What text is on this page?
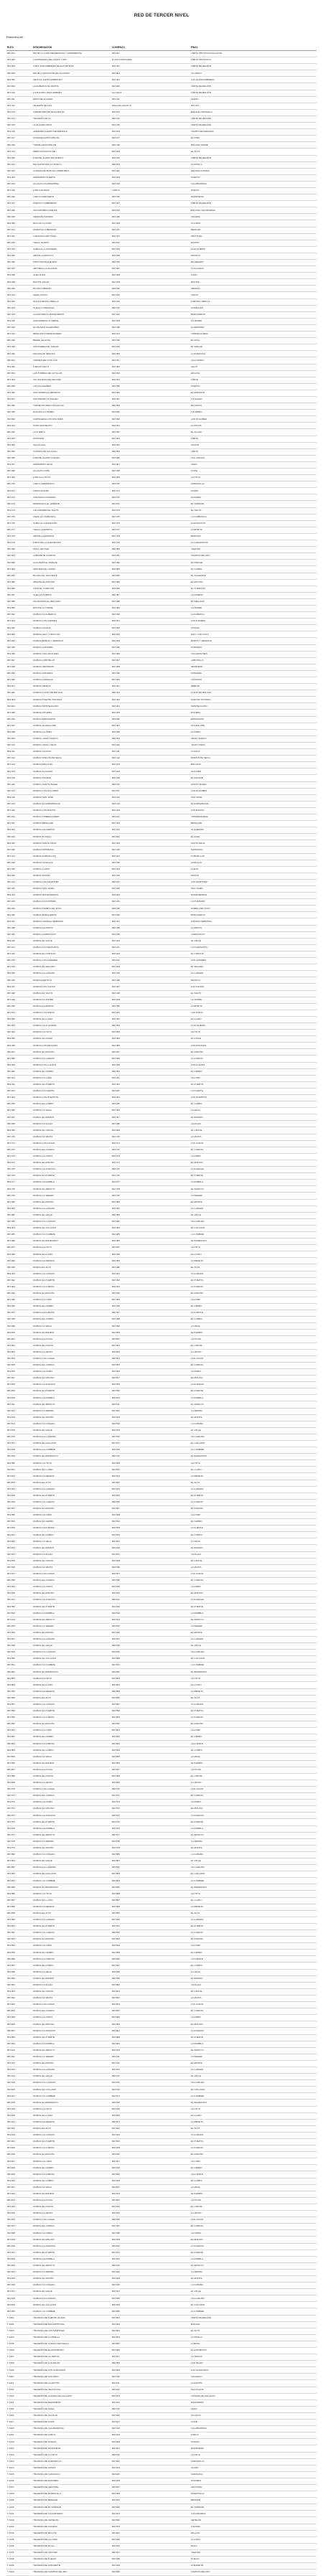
RED DE TERCER NIVEL
Resumen/Lem
RUTA	DENOMINACIÓN	COMIENZO	FINAL
RM-301	RM-301 A-1 (DE RESIDENCIAS Y MARINEROS)	RM-301	LÍMITE PROVINCIA ALICANTE
RM-302	LA ROMÁNICA DE CAÑAS Y RÍO	N-332 CARTAGENA	LÍMITE PROVINCIA
RM-303	CTRA. ESCOMBRERA BAJA PORTMÁN	RM-301	LÍMITE DE REGIÓN
RM-304	RM-304 A ESTACIÓN DE LA UNIÓN	RM-304	LA UNIÓN
RM-305	VECILLA SANTA AMBROSIO	RM-301	CALLE ESCOMBRERA
RM-306	LA ALBERCA DE ZAPATA	RM-306	LÍMITE DE REGIÓN
RM-310	LA ZUCAZA CRUZ AMBRÉS	LA CELIA	LÍMITE DE REGIÓN
RM-311	ERAS DE AGUADO	RM-311	ALEDO
RM-312	LEVANTE DE SUS	ENLACE CASAS D.	RM-313
RM-313	CARRETERA DE MULA BALSA	RM-313	ENLACE CARAVACA
RM-314	TRAVESÍA DE LA	RM-314	LÍMITE DE REGIÓN
RM-315	LA ZUCAZA CRUZ	RM-315	LÍMITE DE REGIÓN
RM-316	ANDÉRMA CAMPO DE MIRANDA	RM-316	CAMPO DE MIRANDA
RM-317	SOLEDAD ESTACIÓN DE	RM-317	EL PINO
RM-318	TORRE ESTACIÓN DE	RM-318	ENLACE TORRE
RM-319	PERÍN ESTACIÓN DE	RM-319	EL ALTO
RM-320	FUENTE ÁLAMO DE MURCIA	RM-320	LÍMITE DE REGIÓN
RM-321	BALSAPINTADA LA PINILLA	RM-321	LA PINILLA
RM-322	ALHAMA DE MURCIA CARRETERA	RM-322	ENLACE ALHAMA
RM-323	MAZARRÓN PUERTO	RM-323	PUERTO
RM-324	ÁGUILAS CALABARDINA	RM-324	CALABARDINA
RM-325	LORCA PURIAS	LORCA	PURIAS
RM-326	LORCA RAMONETE	RM-326	RAMONETE
RM-327	PUERTO LUMBRERAS	RM-327	LÍMITE DE REGIÓN
RM-328	CALASPARRA FUENTE	RM-328	ENLACE CALASPARRA
RM-329	CEHEGÍN CANARA	RM-329	CANARA
RM-330	BULLAS LA COPA	RM-330	LA COPA
RM-331	MORATALLA BENIZAR	RM-331	BENIZAR
RM-332	CARAVACA ARCHIVEL	RM-332	ARCHIVEL
RM-333	YECLA RASPAY	RM-333	RASPAY
RM-334	JUMILLA LA ALQUERÍA	RM-334	LA ALQUERÍA
RM-335	ABANILLA MAHOYA	RM-335	MAHOYA
RM-336	FORTUNA BALNEARIO	RM-336	BALNEARIO
RM-337	ARCHENA LA ALGAIDA	RM-337	LA ALGAIDA
RM-338	ULEA OJÓS	RM-338	OJÓS
RM-339	RICOTE VALLE	RM-339	RICOTE
RM-340	BLANCA ABARÁN	RM-340	ABARÁN
RM-341	CIEZA ASCOY	RM-341	ASCOY
RM-342	MULA FUENTE LIBRILLA	RM-342	FUENTE LIBRILLA
RM-343	PLIEGO CORRALES	RM-343	CORRALES
RM-344	ALCANTARILLA BARQUEROS	RM-344	BARQUEROS
RM-345	SANGONERA LA VERDE	RM-345	LA VERDE
RM-346	EL PALMAR ALGEZARES	RM-346	ALGEZARES
RM-347	BENIAJÁN TORREAGÜERA	RM-347	TORREAGÜERA
RM-348	BENIEL EL RAAL	RM-348	EL RAAL
RM-349	SANTOMERA EL SIScAR	RM-349	EL SISCAR
RM-350	MOLINA DE SEGURA	RM-350	LA ALBATALÍA
RM-351	TORRES DE COTILLAS	RM-351	LA FLORIDA
RM-352	LORQUÍ CEUTÍ	RM-352	CEUTÍ
RM-353	LAS TORRES DE COTILLAS	RM-353	ENLACE
RM-354	VILLANUEVA DEL SEGURA	RM-354	LÍMITE
RM-355	LOS ALCÁZARES	RM-355	PUERTO
RM-356	SAN JAVIER EL MIRADOR	RM-356	EL MIRADOR
RM-357	SAN PEDRO LO PAGÁN	RM-357	LO PAGÁN
RM-358	TORRE PACHECO BALSICAS	RM-358	BALSICAS
RM-359	ROLDÁN LO FERRO	RM-359	LO FERRO
RM-360	CARTAGENA LOS DOLORES	RM-360	LOS DOLORES
RM-361	POZO ESTRECHO	RM-361	LA PALMA
RM-362	LA PUEBLA	RM-362	EL ALGAR
RM-363	PORTMÁN	RM-363	LÍMITE
RM-364	ISLA PLANA	RM-364	AZOHÍA
RM-365	CAÑADA DE GALLEGO	RM-365	LÍMITE
RM-366	FUENTE ÁLAMO CUEVAS	RM-366	LAS CUEVAS
RM-367	MAZARRÓN LEIVA	RM-367	LEIVA
RM-368	ÁGUILAS COPE	RM-368	COPE
RM-369	LORCA LA HOYA	RM-369	LA HOYA
RM-370	LORCA ZARZADILLA	RM-370	ZARZADILLA
RM-371	LORCA AVILÉS	RM-371	AVILÉS
RM-372	CARAVACA NAVARES	RM-372	NAVARES
RM-373	MORATALLA EL SABINAR	RM-373	EL SABINAR
RM-374	CALASPARRA EL SALTO	RM-374	EL SALTO
RM-375	CIEZA LA CARRASCA	RM-375	LA CARRASCA
RM-376	JUMILLA LA ESTACIÓN	RM-376	LA ESTACIÓN
RM-377	YECLA LA ERMITA	RM-377	LA ERMITA
RM-378	ABANILLA BARINAS	RM-378	BARINAS
RM-379	FORTUNA LA GARAPACHA	RM-379	LA GARAPACHA
RM-380	MULA YÉCHAR	RM-380	YÉCHAR
RM-381	ALBUDEITE CAMPOS	RM-381	CAMPOS DEL RÍO
RM-382	ALGUAZAS EL PARAJE	RM-382	EL PARAJE
RM-383	ARCHENA EL CARRIL	RM-383	EL CARRIL
RM-384	BLANCA EL SOLVENTE	RM-384	EL SOLVENTE
RM-385	ABARÁN EL MOLINO	RM-385	EL MOLINO
RM-386	OJÓS EL TURRUNO	RM-386	EL TURRUNO
RM-387	ULEA LA HUERTA	RM-387	LA HUERTA
RM-388	VILLANUEVA EL RELLANO	RM-388	EL RELLANO
RM-389	RICOTE LA TORRE	RM-389	LA TORRE
RM-390	MURCIA LA ALBERCA	RM-390	LA ALBERCA
RM-391	MURCIA LOS GARRES	RM-391	LOS GARRES
RM-392	MURCIA SUCINA	RM-392	SUCINA
RM-393	MURCIA GEA Y TRUYOLS	RM-393	GEA Y TRUYOLS
RM-394	MURCIA BAÑOS Y MENDIGO	RM-394	BAÑOS Y MENDIGO
RM-395	MURCIA CORVERA	RM-395	CORVERA
RM-396	MURCIA VALLADOLISES	RM-396	VALLADOLISES
RM-397	MURCIA LOBOSILLO	RM-397	LOBOSILLO
RM-398	MURCIA JERÓNIMO	RM-398	JERÓNIMO
RM-399	MURCIA AVILESES	RM-399	AVILESES
RM-400	MURCIA CAÑADAS	RM-400	CAÑADAS
RM-401	MURCIA ZENETA	RM-401	ZENETA
RM-402	MURCIA LLANO DE BRUJAS	RM-402	LLANO DE BRUJAS
RM-403	MURCIA PUENTE TOCINOS	RM-403	PUENTE TOCINOS
RM-404	MURCIA MONTEAGUDO	RM-404	MONTEAGUDO
RM-405	MURCIA CHURRA	RM-405	CHURRA
RM-406	MURCIA ESPINARDO	RM-406	ESPINARDO
RM-407	MURCIA GUADALUPE	RM-407	GUADALUPE
RM-408	MURCIA LA ÑORA	RM-408	LA ÑORA
RM-409	MURCIA JAVALÍ NUEVO	RM-409	JAVALÍ NUEVO
RM-410	MURCIA JAVALÍ VIEJO	RM-410	JAVALÍ VIEJO
RM-411	MURCIA LA RAYA	RM-411	LA RAYA
RM-412	MURCIA RINCÓN DE SECA	RM-412	RINCÓN DE SECA
RM-413	MURCIA ERA ALTA	RM-413	ERA ALTA
RM-414	MURCIA ALJUCER	RM-414	ALJUCER
RM-415	MURCIA PALMAR	RM-415	EL PALMAR
RM-416	MURCIA SANTO ÁNGEL	RM-416	SANTO ÁNGEL
RM-417	MURCIA LOS DOLORES	RM-417	LOS DOLORES
RM-418	MURCIA SAN JOSÉ	RM-418	SAN JOSÉ
RM-419	MURCIA EL ESPARRAGAL	RM-419	EL ESPARRAGAL
RM-420	MURCIA LOS RAMOS	RM-420	LOS RAMOS
RM-421	MURCIA TORREAGÜERA	RM-421	TORREAGÜERA
RM-422	MURCIA BENIAJÁN	RM-422	BENIAJÁN
RM-423	MURCIA ALQUERÍAS	RM-423	ALQUERÍAS
RM-424	MURCIA EL RAAL	RM-424	EL RAAL
RM-425	MURCIA SANTA CRUZ	RM-425	SANTA CRUZ
RM-426	MURCIA MATANZAS	RM-426	MATANZAS
RM-427	MURCIA COBATILLAS	RM-427	COBATILLAS
RM-428	MURCIA CASILLAS	RM-428	CASILLAS
RM-429	MURCIA LLANO	RM-429	LLANO
RM-430	MURCIA PATIÑO	RM-430	PATIÑO
RM-431	MURCIA LOS MARTÍNEZ	RM-431	LOS MARTÍNEZ
RM-432	MURCIA SAN GINÉS	RM-432	SAN GINÉS
RM-433	MURCIA NONDUERMAS	RM-433	NONDUERMAS
RM-434	MURCIA LA PURÍSIMA	RM-434	LA PURÍSIMA
RM-435	MURCIA PUEBLA DE SOTO	RM-435	PUEBLA DE SOTO
RM-436	MURCIA BARQUEROS	RM-436	BARQUEROS
RM-437	MURCIA CAÑADA HERMOSA	RM-437	CAÑADA HERMOSA
RM-438	MURCIA LA MURTA	RM-438	LA MURTA
RM-439	MURCIA CARRASCOY	RM-439	CARRASCOY
RM-440	MURCIA EL VALLE	RM-440	EL VALLE
RM-441	MURCIA LA FUENSANTA	RM-441	LA FUENSANTA
RM-442	MURCIA EL CORTIJO	RM-442	EL CORTIJO
RM-443	MURCIA LOS ALBARES	RM-443	LOS ALBARES
RM-444	MURCIA EL SECANO	RM-444	EL SECANO
RM-445	MURCIA LA CAÑADA	RM-445	LA CAÑADA
RM-446	MURCIA MAHOYA	RM-446	MAHOYA
RM-447	MURCIA LOS CANOS	RM-447	LOS CANOS
RM-448	MURCIA EL SALTO	RM-448	EL SALTO
RM-449	MURCIA LA TORRE	RM-449	LA TORRE
RM-450	MURCIA LA ERMITA	RM-450	LA ERMITA
RM-451	MURCIA LOS PINOS	RM-451	LOS PINOS
RM-452	MURCIA EL LLANO	RM-452	EL LLANO
RM-453	MURCIA LA ALQUERÍA	RM-453	LA ALQUERÍA
RM-454	MURCIA LA HOYA	RM-454	LA HOYA
RM-455	MURCIA EL PINAR	RM-455	EL PINAR
RM-456	MURCIA LOS MOLINOS	RM-456	LOS MOLINOS
RM-457	MURCIA EL RINCÓN	RM-457	EL RINCÓN
RM-458	MURCIA LA CUESTA	RM-458	LA CUESTA
RM-459	MURCIA LOS LLANOS	RM-459	LOS LLANOS
RM-460	MURCIA EL CERRO	RM-460	EL CERRO
RM-461	MURCIA LA LOMA	RM-461	LA LOMA
RM-462	MURCIA EL PUERTO	RM-462	EL PUERTO
RM-463	MURCIA LA FUENTE	RM-463	LA FUENTE
RM-464	MURCIA LOS HUERTOS	RM-464	LOS HUERTOS
RM-465	MURCIA EL CAMPO	RM-465	EL CAMPO
RM-466	MURCIA LA VEGA	RM-466	LA VEGA
RM-467	MURCIA EL BARRIO	RM-467	EL BARRIO
RM-468	MURCIA LA PLAZA	RM-468	LA PLAZA
RM-469	MURCIA EL CRUCE	RM-469	EL CRUCE
RM-470	MURCIA LA VENTA	RM-470	LA VENTA
RM-471	MURCIA LOS CASAS	RM-471	LAS CASAS
RM-472	MURCIA EL CORRAL	RM-472	EL CORRAL
RM-473	MURCIA LA NORIA	RM-473	LA NORIA
RM-474	MURCIA EL MOLINO	RM-474	EL MOLINO
RM-475	MURCIA LA ACEQUIA	RM-475	LA ACEQUIA
RM-476	MURCIA EL PUENTE	RM-476	EL PUENTE
RM-477	MURCIA LA RAMBLA	RM-477	LA RAMBLA
RM-478	MURCIA EL ARROYO	RM-478	EL ARROYO
RM-479	MURCIA LA SIERRA	RM-479	LA SIERRA
RM-480	MURCIA EL MONTE	RM-480	EL MONTE
RM-481	MURCIA LA CAÑADA	RM-481	LA CAÑADA
RM-482	MURCIA EL VALLE	RM-482	EL VALLE
RM-483	MURCIA LA LLANURA	RM-483	LA LLANURA
RM-484	MURCIA EL COLLADO	RM-484	EL COLLADO
RM-485	MURCIA LA CUMBRE	RM-485	LA CUMBRE
RM-486	MURCIA EL BARRANCO	RM-486	EL BARRANCO
RM-487	MURCIA LA HOYA	RM-487	LA HOYA
RM-488	MURCIA EL LLANO	RM-488	EL LLANO
RM-489	MURCIA LA MESETA	RM-489	LA MESETA
RM-490	MURCIA EL ALTO	RM-490	EL ALTO
RM-491	MURCIA LA CAÑADA	RM-491	LA CAÑADA
RM-492	MURCIA EL PUERTO	RM-492	EL PUERTO
RM-493	MURCIA LA CUESTA	RM-493	LA CUESTA
RM-494	MURCIA EL RINCÓN	RM-494	EL RINCÓN
RM-495	MURCIA LA LOMA	RM-495	LA LOMA
RM-496	MURCIA EL CERRO	RM-496	EL CERRO
RM-497	MURCIA LA FUENTE	RM-497	LA FUENTE
RM-498	MURCIA EL CAMPO	RM-498	EL CAMPO
RM-499	MURCIA LA VEGA	RM-499	LA VEGA
RM-500	MURCIA EL BARRIO	RM-500	EL BARRIO
RM-501	MURCIA LA PLAZA	RM-501	LA PLAZA
RM-502	MURCIA EL CRUCE	RM-502	EL CRUCE
RM-503	MURCIA LA VENTA	RM-503	LA VENTA
RM-504	MURCIA LAS CASAS	RM-504	LAS CASAS
RM-505	MURCIA EL CORRAL	RM-505	EL CORRAL
RM-506	MURCIA LA NORIA	RM-506	LA NORIA
RM-507	MURCIA EL MOLINO	RM-507	EL MOLINO
RM-508	MURCIA LA ACEQUIA	RM-508	LA ACEQUIA
RM-509	MURCIA EL PUENTE	RM-509	EL PUENTE
RM-510	MURCIA LA RAMBLA	RM-510	LA RAMBLA
RM-511	MURCIA EL ARROYO	RM-511	EL ARROYO
RM-512	MURCIA LA SIERRA	RM-512	LA SIERRA
RM-513	MURCIA EL MONTE	RM-513	EL MONTE
RM-514	MURCIA LA CAÑADA	RM-514	LA CAÑADA
RM-515	MURCIA EL VALLE	RM-515	EL VALLE
RM-516	MURCIA LA LLANURA	RM-516	LA LLANURA
RM-517	MURCIA EL COLLADO	RM-517	EL COLLADO
RM-518	MURCIA LA CUMBRE	RM-518	LA CUMBRE
RM-519	MURCIA EL BARRANCO	RM-519	EL BARRANCO
RM-520	MURCIA LA HOYA	RM-520	LA HOYA
RM-521	MURCIA EL LLANO	RM-521	EL LLANO
RM-522	MURCIA LA MESETA	RM-522	LA MESETA
RM-523	MURCIA EL ALTO	RM-523	EL ALTO
RM-524	MURCIA LA CAÑADA	RM-524	LA CAÑADA
RM-525	MURCIA EL PUERTO	RM-525	EL PUERTO
RM-526	MURCIA LA CUESTA	RM-526	LA CUESTA
RM-527	MURCIA EL RINCÓN	RM-527	EL RINCÓN
RM-528	MURCIA LA LOMA	RM-528	LA LOMA
RM-529	MURCIA EL CERRO	RM-529	EL CERRO
RM-530	MURCIA LA FUENTE	RM-530	LA FUENTE
RM-531	MURCIA EL CAMPO	RM-531	EL CAMPO
RM-532	MURCIA LA VEGA	RM-532	LA VEGA
RM-533	MURCIA EL BARRIO	RM-533	EL BARRIO
RM-534	MURCIA LA PLAZA	RM-534	LA PLAZA
RM-535	MURCIA EL CRUCE	RM-535	EL CRUCE
RM-536	MURCIA LA VENTA	RM-536	LA VENTA
RM-537	MURCIA LAS CASAS	RM-537	LAS CASAS
RM-538	MURCIA EL CORRAL	RM-538	EL CORRAL
RM-539	MURCIA LA NORIA	RM-539	LA NORIA
RM-540	MURCIA EL MOLINO	RM-540	EL MOLINO
RM-541	MURCIA LA ACEQUIA	RM-541	LA ACEQUIA
RM-542	MURCIA EL PUENTE	RM-542	EL PUENTE
RM-543	MURCIA LA RAMBLA	RM-543	LA RAMBLA
RM-544	MURCIA EL ARROYO	RM-544	EL ARROYO
RM-545	MURCIA LA SIERRA	RM-545	LA SIERRA
RM-546	MURCIA EL MONTE	RM-546	EL MONTE
RM-547	MURCIA LA CAÑADA	RM-547	LA CAÑADA
RM-548	MURCIA EL VALLE	RM-548	EL VALLE
RM-549	MURCIA LA LLANURA	RM-549	LA LLANURA
RM-550	MURCIA EL COLLADO	RM-550	EL COLLADO
RM-551	MURCIA LA CUMBRE	RM-551	LA CUMBRE
RM-552	MURCIA EL BARRANCO	RM-552	EL BARRANCO
RM-553	MURCIA LA HOYA	RM-553	LA HOYA
RM-554	MURCIA EL LLANO	RM-554	EL LLANO
RM-555	MURCIA LA MESETA	RM-555	LA MESETA
RM-556	MURCIA EL ALTO	RM-556	EL ALTO
RM-557	MURCIA LA CAÑADA	RM-557	LA CAÑADA
RM-558	MURCIA EL PUERTO	RM-558	EL PUERTO
RM-559	MURCIA LA CUESTA	RM-559	LA CUESTA
RM-560	MURCIA EL RINCÓN	RM-560	EL RINCÓN
RM-561	MURCIA LA LOMA	RM-561	LA LOMA
RM-562	MURCIA EL CERRO	RM-562	EL CERRO
RM-563	MURCIA LA FUENTE	RM-563	LA FUENTE
RM-564	MURCIA EL CAMPO	RM-564	EL CAMPO
RM-565	MURCIA LA VEGA	RM-565	LA VEGA
RM-566	MURCIA EL BARRIO	RM-566	EL BARRIO
RM-567	MURCIA LA PLAZA	RM-567	LA PLAZA
RM-568	MURCIA EL CRUCE	RM-568	EL CRUCE
RM-569	MURCIA LA VENTA	RM-569	LA VENTA
RM-570	MURCIA LAS CASAS	RM-570	LAS CASAS
RM-571	MURCIA EL CORRAL	RM-571	EL CORRAL
RM-572	MURCIA LA NORIA	RM-572	LA NORIA
RM-573	MURCIA EL MOLINO	RM-573	EL MOLINO
RM-574	MURCIA LA ACEQUIA	RM-574	LA ACEQUIA
RM-575	MURCIA EL PUENTE	RM-575	EL PUENTE
RM-576	MURCIA LA RAMBLA	RM-576	LA RAMBLA
RM-577	MURCIA EL ARROYO	RM-577	EL ARROYO
RM-578	MURCIA LA SIERRA	RM-578	LA SIERRA
RM-579	MURCIA EL MONTE	RM-579	EL MONTE
RM-580	MURCIA LA CAÑADA	RM-580	LA CAÑADA
RM-581	MURCIA EL VALLE	RM-581	EL VALLE
RM-582	MURCIA LA LLANURA	RM-582	LA LLANURA
RM-583	MURCIA EL COLLADO	RM-583	EL COLLADO
RM-584	MURCIA LA CUMBRE	RM-584	LA CUMBRE
RM-585	MURCIA EL BARRANCO	RM-585	EL BARRANCO
RM-586	MURCIA LA HOYA	RM-586	LA HOYA
RM-587	MURCIA EL LLANO	RM-587	EL LLANO
RM-588	MURCIA LA MESETA	RM-588	LA MESETA
RM-589	MURCIA EL ALTO	RM-589	EL ALTO
RM-590	MURCIA LA CAÑADA	RM-590	LA CAÑADA
RM-591	MURCIA EL PUERTO	RM-591	EL PUERTO
RM-592	MURCIA LA CUESTA	RM-592	LA CUESTA
RM-593	MURCIA EL RINCÓN	RM-593	EL RINCÓN
RM-594	MURCIA LA LOMA	RM-594	LA LOMA
RM-595	MURCIA EL CERRO	RM-595	EL CERRO
RM-596	MURCIA LA FUENTE	RM-596	LA FUENTE
RM-597	MURCIA EL CAMPO	RM-597	EL CAMPO
RM-598	MURCIA LA VEGA	RM-598	LA VEGA
RM-599	MURCIA EL BARRIO	RM-599	EL BARRIO
RM-600	MURCIA LA PLAZA	RM-600	LA PLAZA
RM-601	MURCIA EL CRUCE	RM-601	EL CRUCE
RM-602	MURCIA LA VENTA	RM-602	LA VENTA
RM-603	MURCIA LAS CASAS	RM-603	LAS CASAS
RM-604	MURCIA EL CORRAL	RM-604	EL CORRAL
RM-605	MURCIA LA NORIA	RM-605	LA NORIA
RM-606	MURCIA EL MOLINO	RM-606	EL MOLINO
RM-607	MURCIA LA ACEQUIA	RM-607	LA ACEQUIA
RM-608	MURCIA EL PUENTE	RM-608	EL PUENTE
RM-609	MURCIA LA RAMBLA	RM-609	LA RAMBLA
RM-610	MURCIA EL ARROYO	RM-610	EL ARROYO
RM-611	MURCIA LA SIERRA	RM-611	LA SIERRA
RM-612	MURCIA EL MONTE	RM-612	EL MONTE
RM-613	MURCIA LA CAÑADA	RM-613	LA CAÑADA
RM-614	MURCIA EL VALLE	RM-614	EL VALLE
RM-615	MURCIA LA LLANURA	RM-615	LA LLANURA
RM-616	MURCIA EL COLLADO	RM-616	EL COLLADO
RM-617	MURCIA LA CUMBRE	RM-617	LA CUMBRE
RM-618	MURCIA EL BARRANCO	RM-618	EL BARRANCO
RM-619	MURCIA LA HOYA	RM-619	LA HOYA
RM-620	MURCIA EL LLANO	RM-620	EL LLANO
RM-621	MURCIA LA MESETA	RM-621	LA MESETA
RM-622	MURCIA EL ALTO	RM-622	EL ALTO
RM-623	MURCIA LA CAÑADA	RM-623	LA CAÑADA
RM-624	MURCIA EL PUERTO	RM-624	EL PUERTO
RM-625	MURCIA LA CUESTA	RM-625	LA CUESTA
RM-626	MURCIA EL RINCÓN	RM-626	EL RINCÓN
RM-627	MURCIA LA LOMA	RM-627	LA LOMA
RM-628	MURCIA EL CERRO	RM-628	EL CERRO
RM-629	MURCIA LA FUENTE	RM-629	LA FUENTE
RM-630	MURCIA EL CAMPO	RM-630	EL CAMPO
RM-631	MURCIA LA VEGA	RM-631	LA VEGA
RM-632	MURCIA EL BARRIO	RM-632	EL BARRIO
RM-633	MURCIA LA PLAZA	RM-633	LA PLAZA
RM-634	MURCIA EL CRUCE	RM-634	EL CRUCE
RM-635	MURCIA LA VENTA	RM-635	LA VENTA
RM-636	MURCIA LAS CASAS	RM-636	LAS CASAS
RM-637	MURCIA EL CORRAL	RM-637	EL CORRAL
RM-638	MURCIA LA NORIA	RM-638	LA NORIA
RM-639	MURCIA EL MOLINO	RM-639	EL MOLINO
RM-640	MURCIA LA ACEQUIA	RM-640	LA ACEQUIA
RM-641	MURCIA EL PUENTE	RM-641	EL PUENTE
RM-642	MURCIA LA RAMBLA	RM-642	LA RAMBLA
RM-643	MURCIA EL ARROYO	RM-643	EL ARROYO
RM-644	MURCIA LA SIERRA	RM-644	LA SIERRA
RM-645	MURCIA EL MONTE	RM-645	EL MONTE
RM-646	MURCIA LA CAÑADA	RM-646	LA CAÑADA
RM-647	MURCIA EL VALLE	RM-647	EL VALLE
RM-648	MURCIA LA LLANURA	RM-648	LA LLANURA
RM-649	MURCIA EL COLLADO	RM-649	EL COLLADO
RM-650	MURCIA LA CUMBRE	RM-650	LA CUMBRE
T-3101	TRAVESÍA DE FUENTE ÁLAMO	RM-601	LÍMITE DE REGIÓN
T-3102	TRAVESÍA DE BALSAPINTADA	RM-602	ENLACE
T-3103	TRAVESÍA DE LOS MARTÍNEZ	RM-603	EL ALTO
T-3104	TRAVESÍA DE LA PINILLA	RM-604	LA PINILLA
T-3105	TRAVESÍA DE CUEVAS DE REILLO	RM-605	CUEVAS
T-3106	TRAVESÍA DE EL ESTRECHO	RM-606	EL ESTRECHO
T-3107	TRAVESÍA DE LA TERCIA	RM-607	LA TERCIA
T-3108	TRAVESÍA DE LAS PALAS	RM-608	LAS PALAS
T-3109	TRAVESÍA DE LOS ALMAGROS	RM-609	LOS ALMAGROS
T-3110	TRAVESÍA DE GALLEGO	RM-610	GALLEGO
T-3111	TRAVESÍA DE LA AZOHÍA	RM-611	LA AZOHÍA
T-3112	TRAVESÍA DE ISLA PLANA	RM-612	ISLA PLANA
T-3113	TRAVESÍA DE CAÑADA DE GALLEGO	RM-613	CAÑADA DE GALLEGO
T-3114	TRAVESÍA DE MAZARRÓN	RM-614	MAZARRÓN
T-3115	TRAVESÍA DE LEIVA	RM-615	LEIVA
T-3116	TRAVESÍA DE ÁGUILAS	RM-616	ÁGUILAS
T-3117	TRAVESÍA DE COPE	RM-617	COPE
T-3118	TRAVESÍA DE CALABARDINA	RM-618	CALABARDINA
T-3119	TRAVESÍA DE LORCA	RM-619	LORCA
T-3120	TRAVESÍA DE PURIAS	RM-620	PURIAS
T-3121	TRAVESÍA DE RAMONETE	RM-621	RAMONETE
T-3122	TRAVESÍA DE LA HOYA	RM-622	LA HOYA
T-3123	TRAVESÍA DE ZARZADILLA	RM-623	ZARZADILLA
T-3124	TRAVESÍA DE AVILÉS	RM-624	AVILÉS
T-3125	TRAVESÍA DE CARAVACA	RM-625	CARAVACA
T-3126	TRAVESÍA DE NAVARES	RM-626	NAVARES
T-3127	TRAVESÍA DE ARCHIVEL	RM-627	ARCHIVEL
T-3128	TRAVESÍA DE MORATALLA	RM-628	MORATALLA
T-3129	TRAVESÍA DE BENIZAR	RM-629	BENIZAR
T-3130	TRAVESÍA DE EL SABINAR	RM-630	EL SABINAR
T-3131	TRAVESÍA DE CALASPARRA	RM-631	CALASPARRA
T-3132	TRAVESÍA DE CEHEGÍN	RM-632	CEHEGÍN
T-3133	TRAVESÍA DE CANARA	RM-633	CANARA
T-3134	TRAVESÍA DE BULLAS	RM-634	BULLAS
T-3135	TRAVESÍA DE LA COPA	RM-635	LA COPA
T-3136	TRAVESÍA DE MULA	RM-636	MULA
T-3137	TRAVESÍA DE YÉCHAR	RM-637	YÉCHAR
T-3138	TRAVESÍA DE PLIEGO	RM-638	PLIEGO
T-3139	TRAVESÍA DE ALBUDEITE	RM-639	ALBUDEITE
T-3140	TRAVESÍA DE CAMPOS DEL RÍO	RM-640	CAMPOS DEL RÍO
